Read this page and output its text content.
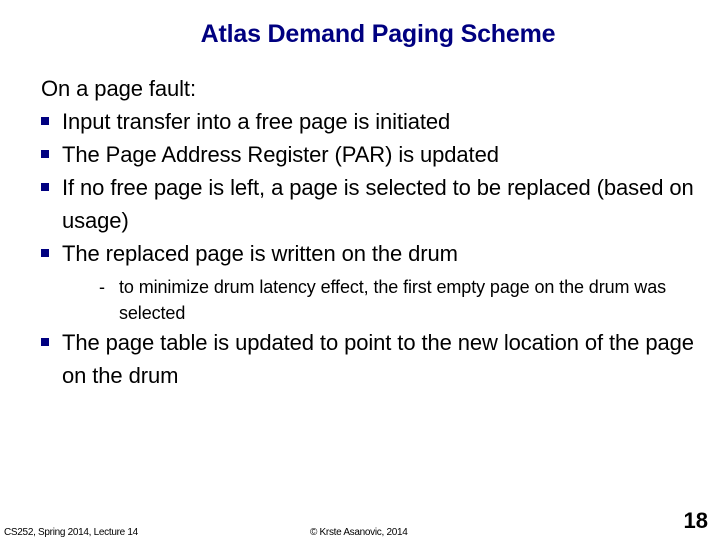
Atlas Demand Paging Scheme

On a page fault:

Input transfer into a free page is initiated
The Page Address Register (PAR) is updated
If no free page is left, a page is selected to be replaced (based on usage)
The replaced page is written on the drum
- to minimize drum latency effect, the first empty page on the drum was selected
The page table is updated to point to the new location of the page on the drum
CS252, Spring 2014, Lecture 14	© Krste Asanovic, 2014	18
